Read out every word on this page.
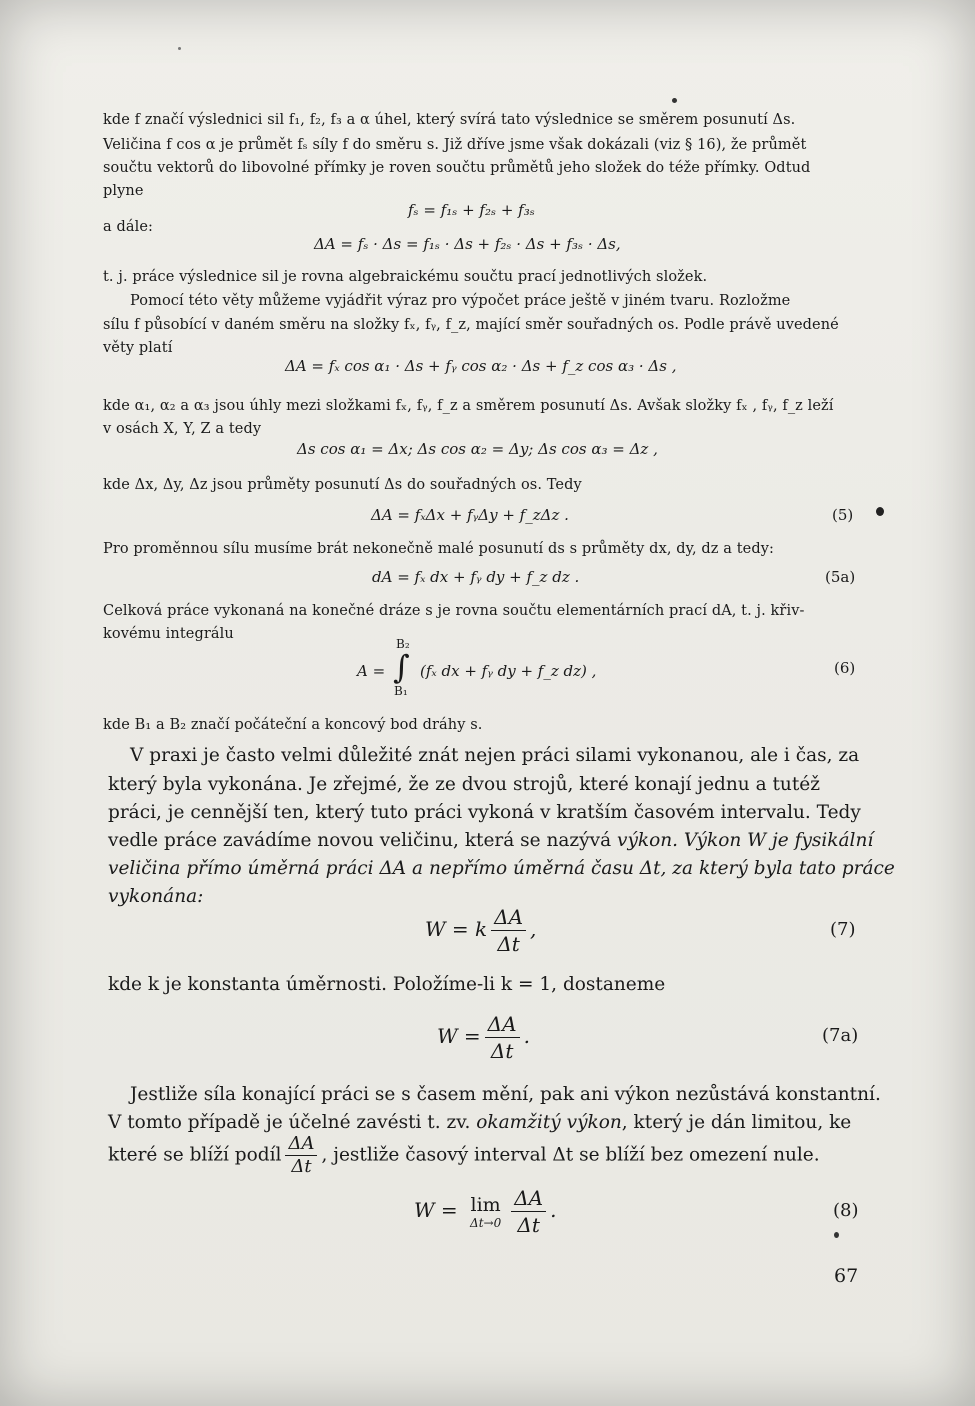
kde f značí výslednici sil f₁, f₂, f₃ a α úhel, který svírá tato výslednice se směrem posunutí Δs.
Veličina f cos α je průmět fₛ síly f do směru s. Již dříve jsme však dokázali (viz § 16), že průmět
součtu vektorů do libovolné přímky je roven součtu průmětů jeho složek do téže přímky. Odtud
plyne
fₛ = f₁ₛ + f₂ₛ + f₃ₛ
a dále:
ΔA = fₛ · Δs = f₁ₛ · Δs + f₂ₛ · Δs + f₃ₛ · Δs,
t. j. práce výslednice sil je rovna algebraickému součtu prací jednotlivých složek.
Pomocí této věty můžeme vyjádřit výraz pro výpočet práce ještě v jiném tvaru. Rozložme
sílu f působící v daném směru na složky fₓ, fᵧ, f_z, mající směr souřadných os. Podle právě uvedené
věty platí
ΔA = fₓ cos α₁ · Δs + fᵧ cos α₂ · Δs + f_z cos α₃ · Δs ,
kde α₁, α₂ a α₃ jsou úhly mezi složkami fₓ, fᵧ, f_z a směrem posunutí Δs. Avšak složky fₓ , fᵧ, f_z leží
v osách X, Y, Z a tedy
Δs cos α₁ = Δx; Δs cos α₂ = Δy; Δs cos α₃ = Δz ,
kde Δx, Δy, Δz jsou průměty posunutí Δs do souřadných os. Tedy
ΔA = fₓΔx + fᵧΔy + f_zΔz .	(5)
Pro proměnnou sílu musíme brát nekonečně malé posunutí ds s průměty dx, dy, dz a tedy:
dA = fₓ dx + fᵧ dy + f_z dz .	(5a)
Celková práce vykonaná na konečné dráze s je rovna součtu elementárních prací dA, t. j. křiv-
kovému integrálu
A =
B₂
∫
B₁
(fₓ dx + fᵧ dy + f_z dz) ,	(6)
kde B₁ a B₂ značí počáteční a koncový bod dráhy s.
V praxi je často velmi důležité znát nejen práci silami vykonanou, ale i čas, za
který byla vykonána. Je zřejmé, že ze dvou strojů, které konají jednu a tutéž
práci, je cennější ten, který tuto práci vykoná v kratším časovém intervalu. Tedy
vedle práce zavádíme novou veličinu, která se nazývá výkon. Výkon W je fysikální
veličina přímo úměrná práci ΔA a nepřímo úměrná času Δt, za který byla tato práce
vykonána:
W = k $\frac{\Delta A}{\Delta t}$ ,	(7)
kde k je konstanta úměrnosti. Položíme-li k = 1, dostaneme
$W = \frac{\Delta A}{\Delta t}$ .	(7a)
Jestliže síla konající práci se s časem mění, pak ani výkon nezůstává konstantní.
V tomto případě je účelné zavésti t. zv. okamžitý výkon, který je dán limitou, ke
které se blíží podíl $\frac{\Delta A}{\Delta t}$ , jestliže časový interval Δt se blíží bez omezení nule.
W = lim
$\Delta t\to 0 \frac{\Delta A}{\Delta t}$ .	(8)
67
